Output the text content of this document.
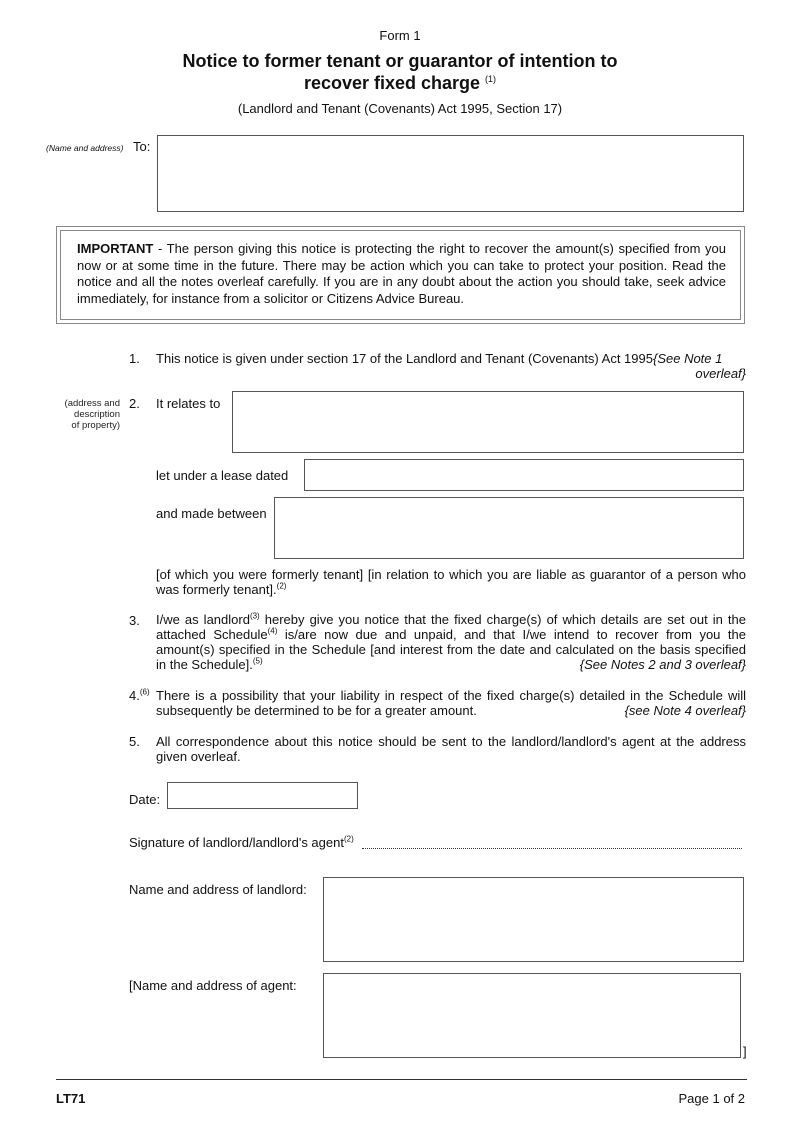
Form 1
Notice to former tenant or guarantor of intention to
recover fixed charge $^{(1)}$
(Landlord and Tenant (Covenants) Act 1995, Section 17)
(Name and address) To:
IMPORTANT - The person giving this notice is protecting the right to recover the amount(s) specified from you now or at some time in the future. There may be action which you can take to protect your position. Read the notice and all the notes overleaf carefully. If you are in any doubt about the action you should take, seek advice immediately, for instance from a solicitor or Citizens Advice Bureau.
1. This notice is given under section 17 of the Landlord and Tenant (Covenants) Act 1995{See Note 1
overleaf}
(address and
description
of property)
2. It relates to
let under a lease dated
and made between
[of which you were formerly tenant] [in relation to which you are liable as guarantor of a person who was formerly tenant].$^{(2)}$
3. I/we as landlord$^{(3)}$ hereby give you notice that the fixed charge(s) of which details are set out in the attached Schedule$^{(4)}$ is/are now due and unpaid, and that I/we intend to recover from you the amount(s) specified in the Schedule [and interest from the date and calculated on the basis specified in the Schedule].$^{(5)}$	{See Notes 2 and 3 overleaf}
4.$^{(6)}$ There is a possibility that your liability in respect of the fixed charge(s) detailed in the Schedule will subsequently be determined to be for a greater amount.	{see Note 4 overleaf}
5. All correspondence about this notice should be sent to the landlord/landlord's agent at the address given overleaf.
Date:
Signature of landlord/landlord's agent$^{(2)}$
Name and address of landlord:
[Name and address of agent:
]
LT71	Page 1 of 2
